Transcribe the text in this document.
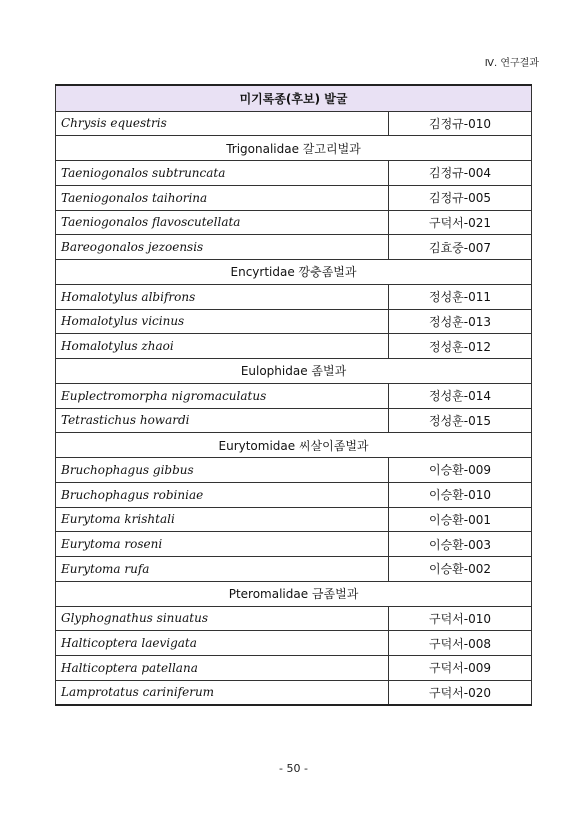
Ⅳ. 연구결과
미기록종(후보) 발굴	
Chrysis equestris	김정규-010
Trigonalidae 갈고리벌과	
Taeniogonalos subtruncata	김정규-004
Taeniogonalos taihorina	김정규-005
Taeniogonalos flavoscutellata	구덕서-021
Bareogonalos jezoensis	김효중-007
Encyrtidae 깡충좀벌과	
Homalotylus albifrons	정성훈-011
Homalotylus vicinus	정성훈-013
Homalotylus zhaoi	정성훈-012
Eulophidae 좀벌과	
Euplectromorpha nigromaculatus	정성훈-014
Tetrastichus howardi	정성훈-015
Eurytomidae 씨살이좀벌과	
Bruchophagus gibbus	이승환-009
Bruchophagus robiniae	이승환-010
Eurytoma krishtali	이승환-001
Eurytoma roseni	이승환-003
Eurytoma rufa	이승환-002
Pteromalidae 금좀벌과	
Glyphognathus sinuatus	구덕서-010
Halticoptera laevigata	구덕서-008
Halticoptera patellana	구덕서-009
Lamprotatus cariniferum	구덕서-020
- 50 -
